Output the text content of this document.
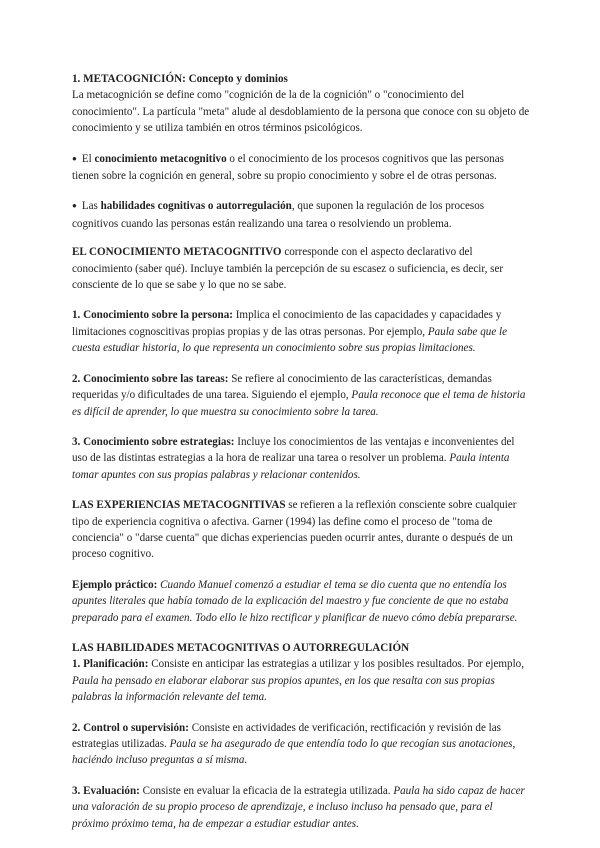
1. METACOGNICIÓN: Concepto y dominios

La metacognición se define como "cognición de la de la cognición" o "conocimiento del conocimiento". La partícula "meta" alude al desdoblamiento de la persona que conoce con su objeto de conocimiento y se utiliza también en otros términos psicológicos.

● El conocimiento metacognitivo o el conocimiento de los procesos cognitivos que las personas tienen sobre la cognición en general, sobre su propio conocimiento y sobre el de otras personas.

● Las habilidades cognitivas o autorregulación, que suponen la regulación de los procesos cognitivos cuando las personas están realizando una tarea o resolviendo un problema.

EL CONOCIMIENTO METACOGNITIVO corresponde con el aspecto declarativo del conocimiento (saber qué). Incluye también la percepción de su escasez o suficiencia, es decir, ser consciente de lo que se sabe y lo que no se sabe.

1. Conocimiento sobre la persona: Implica el conocimiento de las capacidades y capacidades y limitaciones cognoscitivas propias propias y de las otras personas. Por ejemplo, Paula sabe que le cuesta estudiar historia, lo que representa un conocimiento sobre sus propias limitaciones.

2. Conocimiento sobre las tareas: Se refiere al conocimiento de las características, demandas requeridas y/o dificultades de una tarea. Siguiendo el ejemplo, Paula reconoce que el tema de historia es difícil de aprender, lo que muestra su conocimiento sobre la tarea.

3. Conocimiento sobre estrategias: Incluye los conocimientos de las ventajas e inconvenientes del uso de las distintas estrategias a la hora de realizar una tarea o resolver un problema. Paula intenta tomar apuntes con sus propias palabras y relacionar contenidos.

LAS EXPERIENCIAS METACOGNITIVAS se refieren a la reflexión consciente sobre cualquier tipo de experiencia cognitiva o afectiva. Garner (1994) las define como el proceso de "toma de conciencia" o "darse cuenta" que dichas experiencias pueden ocurrir antes, durante o después de un proceso cognitivo.

Ejemplo práctico: Cuando Manuel comenzó a estudiar el tema se dio cuenta que no entendía los apuntes literales que había tomado de la explicación del maestro y fue conciente de que no estaba preparado para el examen. Todo ello le hizo rectificar y planificar de nuevo cómo debía prepararse.

LAS HABILIDADES METACOGNITIVAS O AUTORREGULACIÓN

1. Planificación: Consiste en anticipar las estrategias a utilizar y los posibles resultados. Por ejemplo, Paula ha pensado en elaborar elaborar sus propios apuntes, en los que resalta con sus propias palabras la información relevante del tema.

2. Control o supervisión: Consiste en actividades de verificación, rectificación y revisión de las estrategias utilizadas. Paula se ha asegurado de que entendía todo lo que recogían sus anotaciones, haciéndo incluso preguntas a sí misma.

3. Evaluación: Consiste en evaluar la eficacia de la estrategia utilizada. Paula ha sido capaz de hacer una valoración de su propio proceso de aprendizaje, e incluso incluso ha pensado que, para el próximo próximo tema, ha de empezar a estudiar estudiar antes.
